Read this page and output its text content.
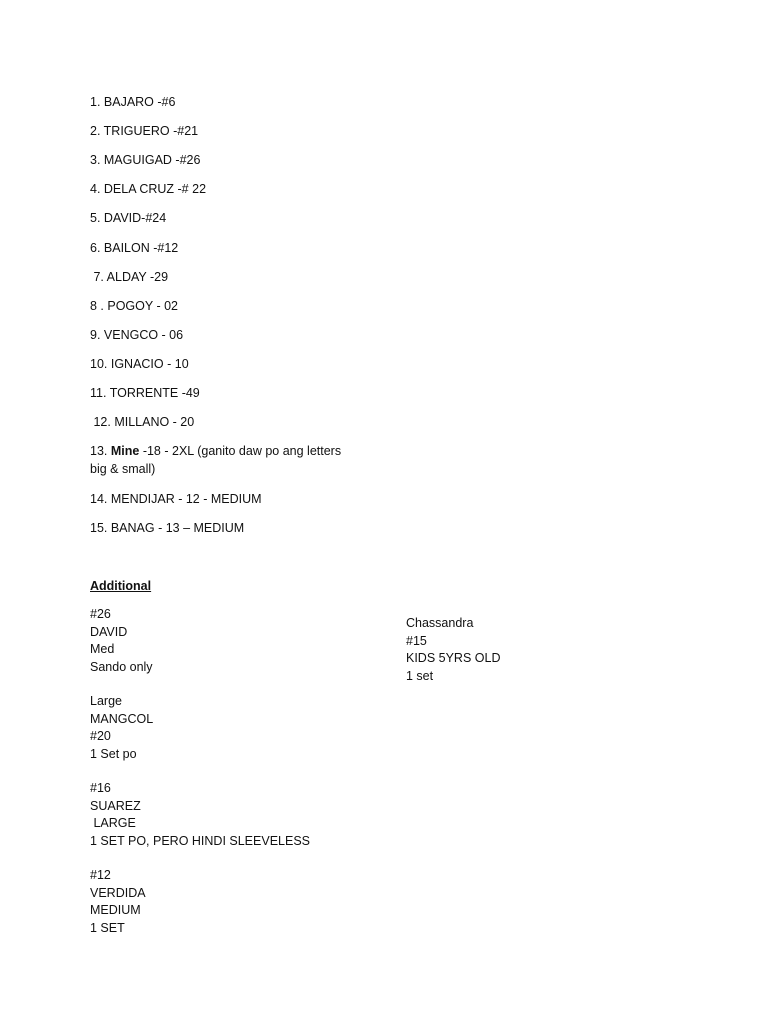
1. BAJARO -#6
2. TRIGUERO -#21
3. MAGUIGAD -#26
4. DELA CRUZ -# 22
5. DAVID-#24
6. BAILON -#12
7. ALDAY -29
8 . POGOY - 02
9. VENGCO - 06
10. IGNACIO - 10
11. TORRENTE -49
12. MILLANO - 20
13. Mine -18 - 2XL (ganito daw po ang letters big & small)
14. MENDIJAR - 12 - MEDIUM
15. BANAG - 13 – MEDIUM
Additional
#26
DAVID
Med
Sando only
Large
MANGCOL
#20
1 Set po
#16
SUAREZ
LARGE
1 SET PO, PERO HINDI SLEEVELESS
#12
VERDIDA
MEDIUM
1 SET
Chassandra
#15
KIDS 5YRS OLD
1 set
